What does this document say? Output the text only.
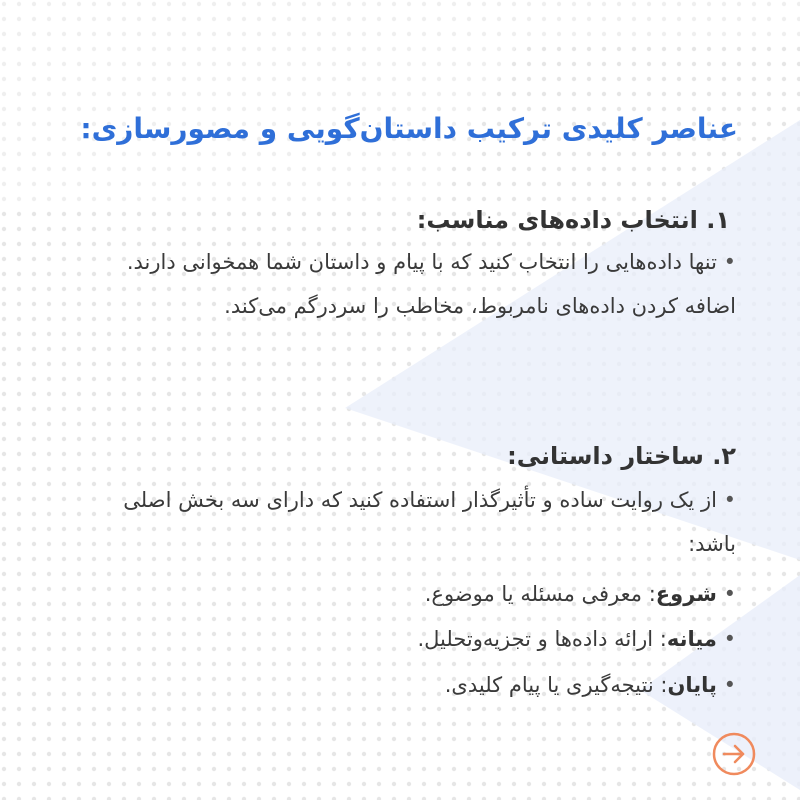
عناصر کلیدی ترکیب داستان‌گویی و مصورسازی:
۱. انتخاب داده‌های مناسب:

• تنها داده‌هایی را انتخاب کنید که با پیام و داستان شما همخوانی دارند. اضافه کردن داده‌های نامربوط، مخاطب را سردرگم می‌کند.

۲. ساختار داستانی:

• از یک روایت ساده و تأثیرگذار استفاده کنید که دارای سه بخش اصلی باشد:

• شروع: معرفی مسئله یا موضوع.

• میانه: ارائه داده‌ها و تجزیه‌وتحلیل.

• پایان: نتیجه‌گیری یا پیام کلیدی.
